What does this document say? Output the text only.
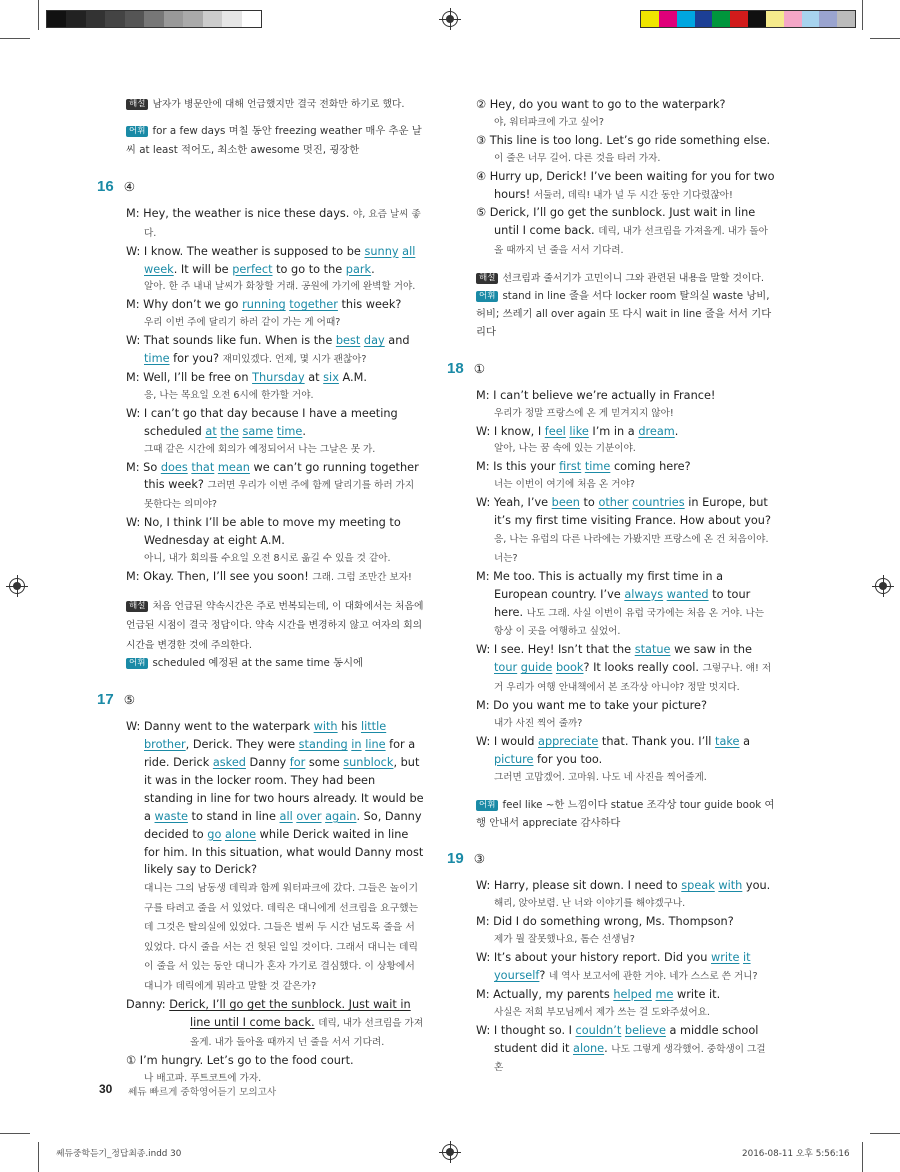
해설 남자가 병문안에 대해 언급했지만 결국 전화만 하기로 했다.

어휘 for a few days 며칠 동안 freezing weather 매우 추운 날씨 at least 적어도, 최소한 awesome 멋진, 굉장한

16 ④

M: Hey, the weather is nice these days. 야, 요즘 날씨 좋다.

W: I know. The weather is supposed to be sunny all week. It will be perfect to go to the park.

알아. 한 주 내내 날씨가 화창할 거래. 공원에 가기에 완벽할 거야.

M: Why don’t we go running together this week?

우리 이번 주에 달리기 하러 같이 가는 게 어때?

W: That sounds like fun. When is the best day and time for you? 재미있겠다. 언제, 몇 시가 괜찮아?

M: Well, I’ll be free on Thursday at six A.M.

응, 나는 목요일 오전 6시에 한가할 거야.

W: I can’t go that day because I have a meeting scheduled at the same time.

그때 같은 시간에 회의가 예정되어서 나는 그날은 못 가.

M: So does that mean we can’t go running together this week? 그러면 우리가 이번 주에 함께 달리기를 하러 가지 못한다는 의미야?

W: No, I think I’ll be able to move my meeting to Wednesday at eight A.M.

아니, 내가 회의를 수요일 오전 8시로 옮길 수 있을 것 같아.

M: Okay. Then, I’ll see you soon! 그래. 그럼 조만간 보자!

해설 처음 언급된 약속시간은 주로 번복되는데, 이 대화에서는 처음에 언급된 시점이 결국 정답이다. 약속 시간을 변경하지 않고 여자의 회의 시간을 변경한 것에 주의한다.

어휘 scheduled 예정된 at the same time 동시에

17 ⑤

W: Danny went to the waterpark with his little brother, Derick. They were standing in line for a ride. Derick asked Danny for some sunblock, but it was in the locker room. They had been standing in line for two hours already. It would be a waste to stand in line all over again. So, Danny decided to go alone while Derick waited in line for him. In this situation, what would Danny most likely say to Derick?

대니는 그의 남동생 데릭과 함께 워터파크에 갔다. 그들은 놀이기구를 타려고 줄을 서 있었다. 데릭은 대니에게 선크림을 요구했는데 그것은 탈의실에 있었다. 그들은 벌써 두 시간 넘도록 줄을 서 있었다. 다시 줄을 서는 건 헛된 일일 것이다. 그래서 대니는 데릭이 줄을 서 있는 동안 대니가 혼자 가기로 결심했다. 이 상황에서 대니가 데릭에게 뭐라고 말할 것 같은가?

Danny: Derick, I’ll go get the sunblock. Just wait in line until I come back. 데릭, 내가 선크림을 가져올게. 내가 돌아올 때까지 넌 줄을 서서 기다려.

① I’m hungry. Let’s go to the food court.

나 배고파. 푸트코트에 가자.

② Hey, do you want to go to the waterpark?

야, 워터파크에 가고 싶어?

③ This line is too long. Let’s go ride something else.

이 줄은 너무 길어. 다른 것을 타러 가자.

④ Hurry up, Derick! I’ve been waiting for you for two hours! 서둘러, 데릭! 내가 널 두 시간 동안 기다렸잖아!

⑤ Derick, I’ll go get the sunblock. Just wait in line until I come back. 데릭, 내가 선크림을 가져올게. 내가 돌아올 때까지 넌 줄을 서서 기다려.

해설 선크림과 줄서기가 고민이니 그와 관련된 내용을 말할 것이다.

어휘 stand in line 줄을 서다 locker room 탈의실 waste 낭비, 허비; 쓰레기 all over again 또 다시 wait in line 줄을 서서 기다리다

18 ①

M: I can’t believe we’re actually in France!

우리가 정말 프랑스에 온 게 믿겨지지 않아!

W: I know, I feel like I’m in a dream.

알아, 나는 꿈 속에 있는 기분이야.

M: Is this your first time coming here?

너는 이번이 여기에 처음 온 거야?

W: Yeah, I’ve been to other countries in Europe, but it’s my first time visiting France. How about you? 응, 나는 유럽의 다른 나라에는 가봤지만 프랑스에 온 건 처음이야. 너는?

M: Me too. This is actually my first time in a European country. I’ve always wanted to tour here. 나도 그래. 사실 이번이 유럽 국가에는 처음 온 거야. 나는 항상 이 곳을 여행하고 싶었어.

W: I see. Hey! Isn’t that the statue we saw in the tour guide book? It looks really cool. 그렇구나. 얘! 저거 우리가 여행 안내책에서 본 조각상 아니야? 정말 멋지다.

M: Do you want me to take your picture?

내가 사진 찍어 줄까?

W: I would appreciate that. Thank you. I’ll take a picture for you too.

그러면 고맙겠어. 고마워. 나도 네 사진을 찍어줄게.

어휘 feel like ~한 느낌이다 statue 조각상 tour guide book 여행 안내서 appreciate 감사하다

19 ③

W: Harry, please sit down. I need to speak with you.

해리, 앉아보렴. 난 너와 이야기를 해야겠구나.

M: Did I do something wrong, Ms. Thompson?

제가 뭘 잘못했나요, 톰슨 선생님?

W: It’s about your history report. Did you write it yourself? 네 역사 보고서에 관한 거야. 네가 스스로 쓴 거니?

M: Actually, my parents helped me write it.

사실은 저희 부모님께서 제가 쓰는 걸 도와주셨어요.

W: I thought so. I couldn’t believe a middle school student did it alone. 나도 그렇게 생각했어. 중학생이 그걸 혼

30 쎄듀 빠르게 중학영어듣기 모의고사
쎄듀중학듣기_정답최종.indd 30	2016-08-11 오후 5:56:16
